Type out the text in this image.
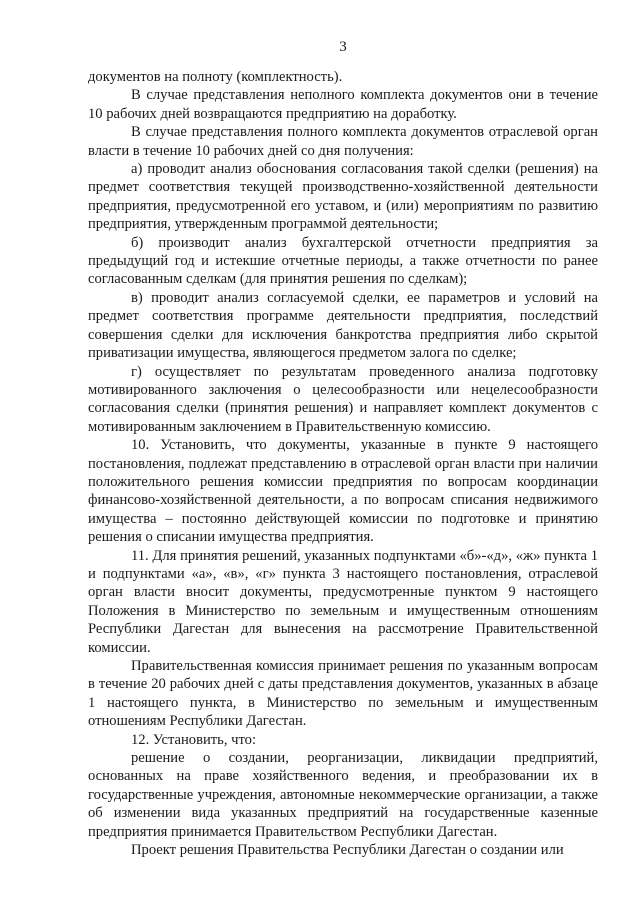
3

документов на полноту (комплектность).

В случае представления неполного комплекта документов они в течение 10 рабочих дней возвращаются предприятию на доработку.

В случае представления полного комплекта документов отраслевой орган власти в течение 10 рабочих дней со дня получения:

а) проводит анализ обоснования согласования такой сделки (решения) на предмет соответствия текущей производственно-хозяйственной деятельности предприятия, предусмотренной его уставом, и (или) мероприятиям по развитию предприятия, утвержденным программой деятельности;

б) производит анализ бухгалтерской отчетности предприятия за предыдущий год и истекшие отчетные периоды, а также отчетности по ранее согласованным сделкам (для принятия решения по сделкам);

в) проводит анализ согласуемой сделки, ее параметров и условий на предмет соответствия программе деятельности предприятия, последствий совершения сделки для исключения банкротства предприятия либо скрытой приватизации имущества, являющегося предметом залога по сделке;

г) осуществляет по результатам проведенного анализа подготовку мотивированного заключения о целесообразности или нецелесообразности согласования сделки (принятия решения) и направляет комплект документов с мотивированным заключением в Правительственную комиссию.

10. Установить, что документы, указанные в пункте 9 настоящего постановления, подлежат представлению в отраслевой орган власти при наличии положительного решения комиссии предприятия по вопросам координации финансово-хозяйственной деятельности, а по вопросам списания недвижимого имущества – постоянно действующей комиссии по подготовке и принятию решения о списании имущества предприятия.

11. Для принятия решений, указанных подпунктами «б»-«д», «ж» пункта 1 и подпунктами «а», «в», «г» пункта 3 настоящего постановления, отраслевой орган власти вносит документы, предусмотренные пунктом 9 настоящего Положения в Министерство по земельным и имущественным отношениям Республики Дагестан для вынесения на рассмотрение Правительственной комиссии.

Правительственная комиссия принимает решения по указанным вопросам в течение 20 рабочих дней с даты представления документов, указанных в абзаце 1 настоящего пункта, в Министерство по земельным и имущественным отношениям Республики Дагестан.

12. Установить, что:

решение о создании, реорганизации, ликвидации предприятий, основанных на праве хозяйственного ведения, и преобразовании их в государственные учреждения, автономные некоммерческие организации, а также об изменении вида указанных предприятий на государственные казенные предприятия принимается Правительством Республики Дагестан.

Проект решения Правительства Республики Дагестан о создании или
